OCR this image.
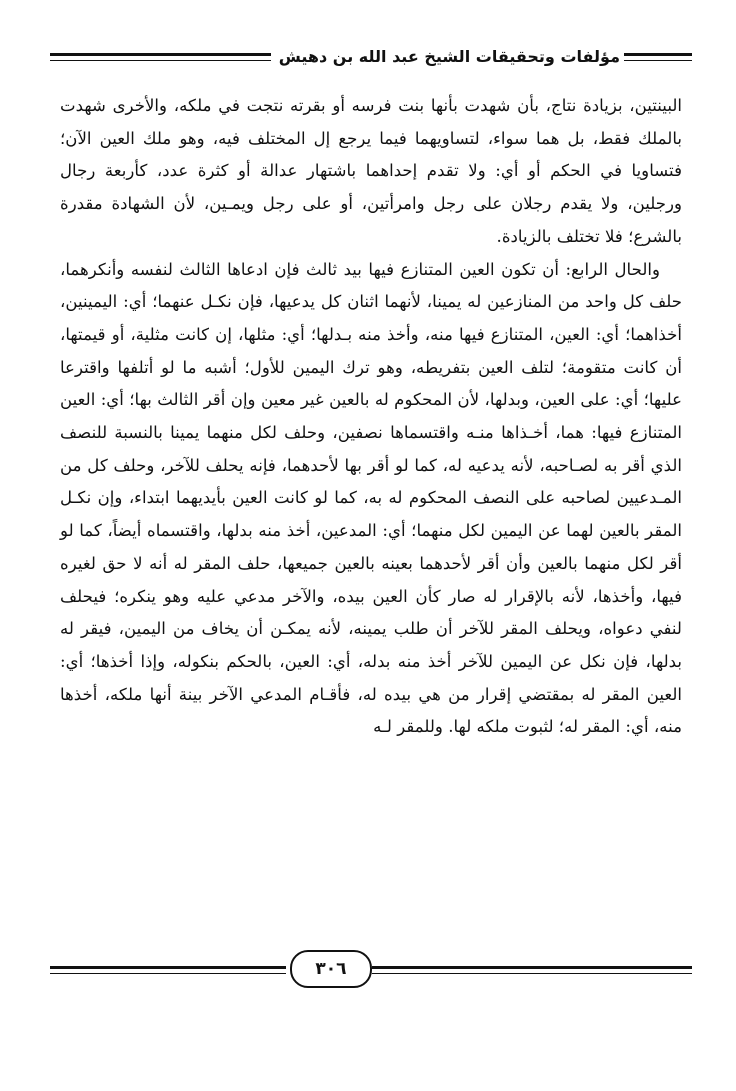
مؤلفات وتحقيقات الشيخ عبد الله بن دهيش

البينتين، بزيادة نتاج، بأن شهدت بأنها بنت فرسه أو بقرته نتجت في ملكه، والأخرى شهدت بالملك فقط، بل هما سواء، لتساويهما فيما يرجع إل المختلف فيه، وهو ملك العين الآن؛ فتساويا في الحكم أو أي: ولا تقدم إحداهما باشتهار عدالة أو كثرة عدد، كأربعة رجال ورجلين، ولا يقدم رجلان على رجل وامرأتين، أو على رجل ويمـين، لأن الشهادة مقدرة بالشرع؛ فلا تختلف بالزيادة.

والحال الرابع: أن تكون العين المتنازع فيها بيد ثالث فإن ادعاها الثالث لنفسه وأنكرهما، حلف كل واحد من المنازعين له يمينا، لأنهما اثنان كل يدعيها، فإن نكـل عنهما؛ أي: اليمينين، أخذاهما؛ أي: العين، المتنازع فيها منه، وأخذ منه بـدلها؛ أي: مثلها، إن كانت مثلية، أو قيمتها، أن كانت متقومة؛ لتلف العين بتفريطه، وهو ترك اليمين للأول؛ أشبه ما لو أتلفها واقترعا عليها؛ أي: على العين، وبدلها، لأن المحكوم له بالعين غير معين وإن أقر الثالث بها؛ أي: العين المتنازع فيها: هما، أخـذاها منـه واقتسماها نصفين، وحلف لكل منهما يمينا بالنسبة للنصف الذي أقر به لصـاحبه، لأنه يدعيه له، كما لو أقر بها لأحدهما، فإنه يحلف للآخر، وحلف كل من المـدعيين لصاحبه على النصف المحكوم له به، كما لو كانت العين بأيديهما ابتداء، وإن نكـل المقر بالعين لهما عن اليمين لكل منهما؛ أي: المدعين، أخذ منه بدلها، واقتسماه أيضاً، كما لو أقر لكل منهما بالعين وأن أقر لأحدهما بعينه بالعين جميعها، حلف المقر له أنه لا حق لغيره فيها، وأخذها، لأنه بالإقرار له صار كأن العين بيده، والآخر مدعي عليه وهو ينكره؛ فيحلف لنفي دعواه، ويحلف المقر للآخر أن طلب يمينه، لأنه يمكـن أن يخاف من اليمين، فيقر له بدلها، فإن نكل عن اليمين للآخر أخذ منه بدله، أي: العين، بالحكم بنكوله، وإذا أخذها؛ أي: العين المقر له بمقتضي إقرار من هي بيده له، فأقـام المدعي الآخر بينة أنها ملكه، أخذها منه، أي: المقر له؛ لثبوت ملكه لها. وللمقر لـه

٣٠٦
